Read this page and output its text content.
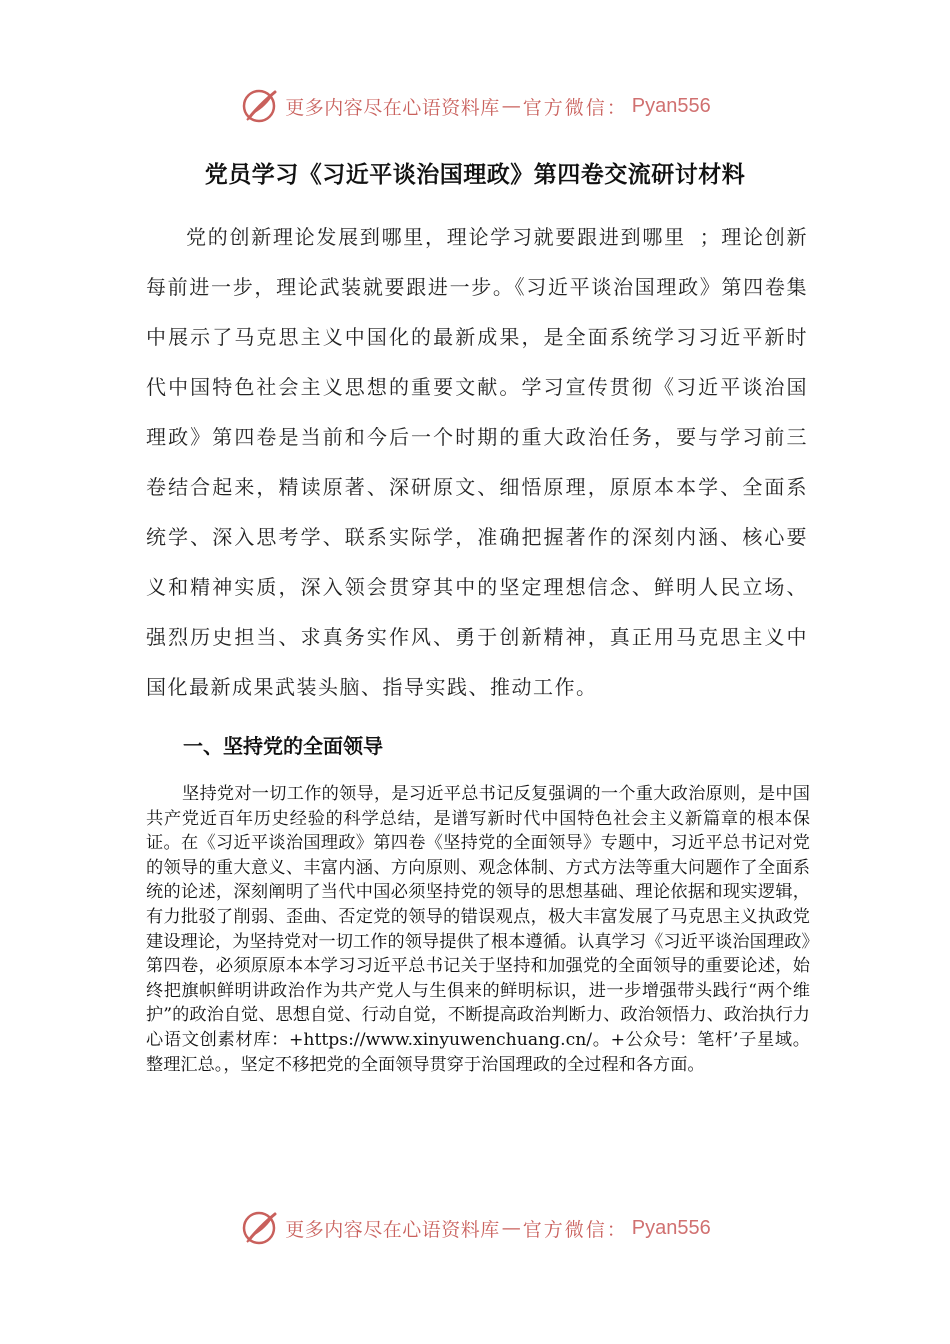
更多内容尽在心语资料库 — 官方微信： Pyan556
党员学习《习近平谈治国理政》第四卷交流研讨材料
党的创新理论发展到哪里，理论学习就要跟进到哪里 ；理论创新每前进一步，理论武装就要跟进一步。《习近平谈治国理政》第四卷集中展示了马克思主义中国化的最新成果，是全面系统学习习近平新时代中国特色社会主义思想的重要文献。学习宣传贯彻《习近平谈治国理政》第四卷是当前和今后一个时期的重大政治任务，要与学习前三卷结合起来，精读原著、深研原文、细悟原理，原原本本学、全面系统学、深入思考学、联系实际学，准确把握著作的深刻内涵、核心要义和精神实质，深入领会贯穿其中的坚定理想信念、鲜明人民立场、强烈历史担当、求真务实作风、勇于创新精神，真正用马克思主义中国化最新成果武装头脑、指导实践、推动工作。
一、坚持党的全面领导
坚持党对一切工作的领导，是习近平总书记反复强调的一个重大政治原则，是中国共产党近百年历史经验的科学总结，是谱写新时代中国特色社会主义新篇章的根本保证。在《习近平谈治国理政》第四卷《坚持党的全面领导》专题中，习近平总书记对党的领导的重大意义、丰富内涵、方向原则、观念体制、方式方法等重大问题作了全面系统的论述，深刻阐明了当代中国必须坚持党的领导的思想基础、理论依据和现实逻辑，有力批驳了削弱、歪曲、否定党的领导的错误观点，极大丰富发展了马克思主义执政党建设理论，为坚持党对一切工作的领导提供了根本遵循。认真学习《习近平谈治国理政》第四卷，必须原原本本学习习近平总书记关于坚持和加强党的全面领导的重要论述，始终把旗帜鲜明讲政治作为共产党人与生俱来的鲜明标识，进一步增强带头践行“两个维护”的政治自觉、思想自觉、行动自觉，不断提高政治判断力、政治领悟力、政治执行力心语文创素材库：+https://www.xinyuwenchuang.cn/。+公众号：笔杆’子星域。整理汇总。，坚定不移把党的全面领导贯穿于治国理政的全过程和各方面。
更多内容尽在心语资料库 — 官方微信： Pyan556
